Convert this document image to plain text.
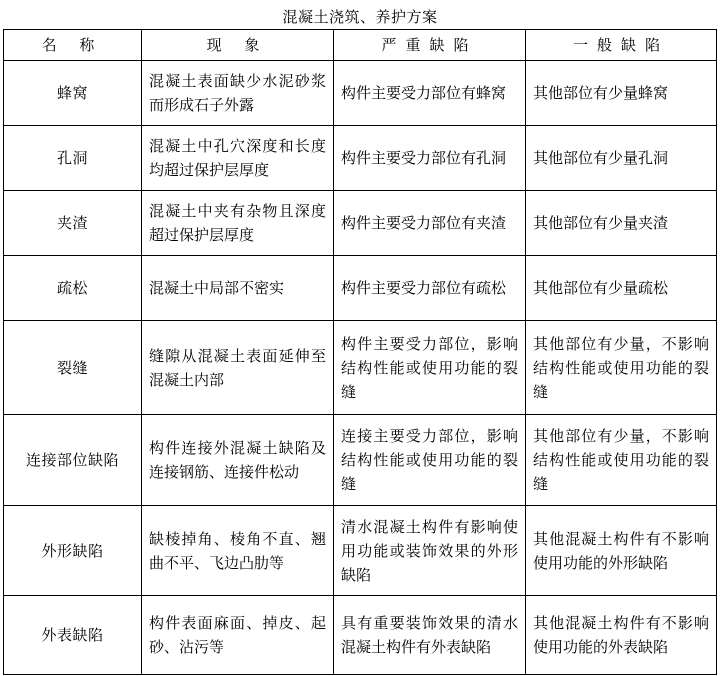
混凝土浇筑、养护方案
名 称	现 象	严重缺陷	一般缺陷
蜂窝	混凝土表面缺少水泥砂浆而形成石子外露	构件主要受力部位有蜂窝	其他部位有少量蜂窝
孔洞	混凝土中孔穴深度和长度均超过保护层厚度	构件主要受力部位有孔洞	其他部位有少量孔洞
夹渣	混凝土中夹有杂物且深度超过保护层厚度	构件主要受力部位有夹渣	其他部位有少量夹渣
疏松	混凝土中局部不密实	构件主要受力部位有疏松	其他部位有少量疏松
裂缝	缝隙从混凝土表面延伸至混凝土内部	构件主要受力部位，影响结构性能或使用功能的裂缝	其他部位有少量，不影响结构性能或使用功能的裂缝
连接部位缺陷	构件连接外混凝土缺陷及连接钢筋、连接件松动	连接主要受力部位，影响结构性能或使用功能的裂缝	其他部位有少量，不影响结构性能或使用功能的裂缝
外形缺陷	缺棱掉角、棱角不直、翘曲不平、飞边凸肋等	清水混凝土构件有影响使用功能或装饰效果的外形缺陷	其他混凝土构件有不影响使用功能的外形缺陷
外表缺陷	构件表面麻面、掉皮、起砂、沾污等	具有重要装饰效果的清水混凝土构件有外表缺陷	其他混凝土构件有不影响使用功能的外表缺陷
